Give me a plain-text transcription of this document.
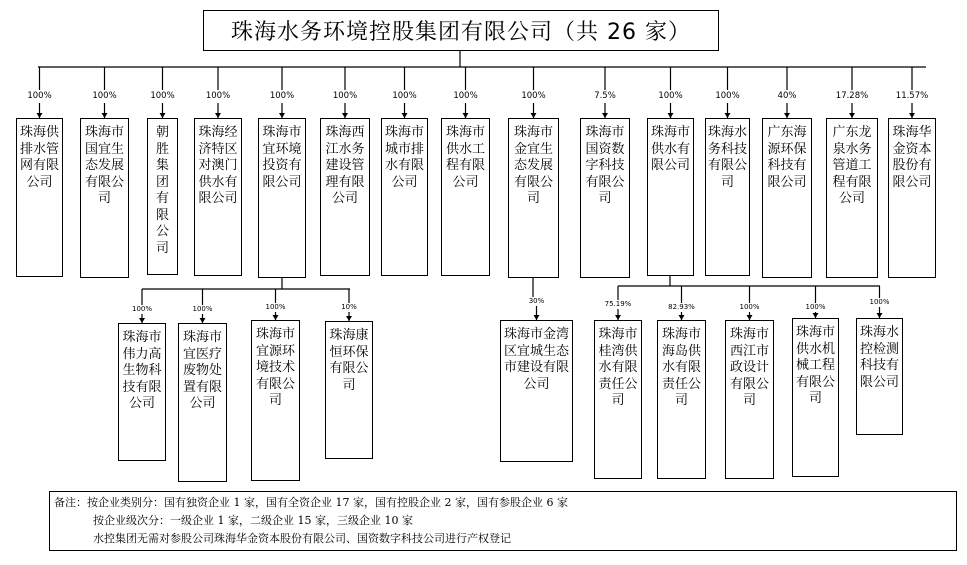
珠海水务环境控股集团有限公司（共 26 家）
珠海供排水管网有限公司
100%
珠海市国宜生态发展有限公司
100%
朝胜集团有限公司
100%
珠海经济特区对澳门供水有限公司
100%
珠海市宜环境投资有限公司
100%
珠海西江水务建设管理有限公司
100%
珠海市城市排水有限公司
100%
珠海市供水工程有限公司
100%
珠海市金宜生态发展有限公司
100%
珠海市国资数字科技有限公司
7.5%
珠海市供水有限公司
100%
珠海水务科技有限公司
100%
广东海源环保科技有限公司
40%
广东龙泉水务管道工程有限公司
17.28%
珠海华金资本股份有限公司
11.57%
珠海市伟力高生物科技有限公司
100%
珠海市宜医疗废物处置有限公司
100%
珠海市宜源环境技术有限公司
100%
珠海康恒环保有限公司
10%
珠海市金湾区宜城生态市建设有限公司
30%
珠海市桂湾供水有限责任公司
75.19%
珠海市海岛供水有限责任公司
82.93%
珠海市西江市政设计有限公司
100%
珠海市供水机械工程有限公司
100%
珠海水控检测科技有限公司
100%
备注：按企业类别分：国有独资企业 1 家，国有全资企业 17 家，国有控股企业 2 家，国有参股企业 6 家
按企业级次分：一级企业 1 家，二级企业 15 家，三级企业 10 家
水控集团无需对参股公司珠海华金资本股份有限公司、国资数字科技公司进行产权登记
